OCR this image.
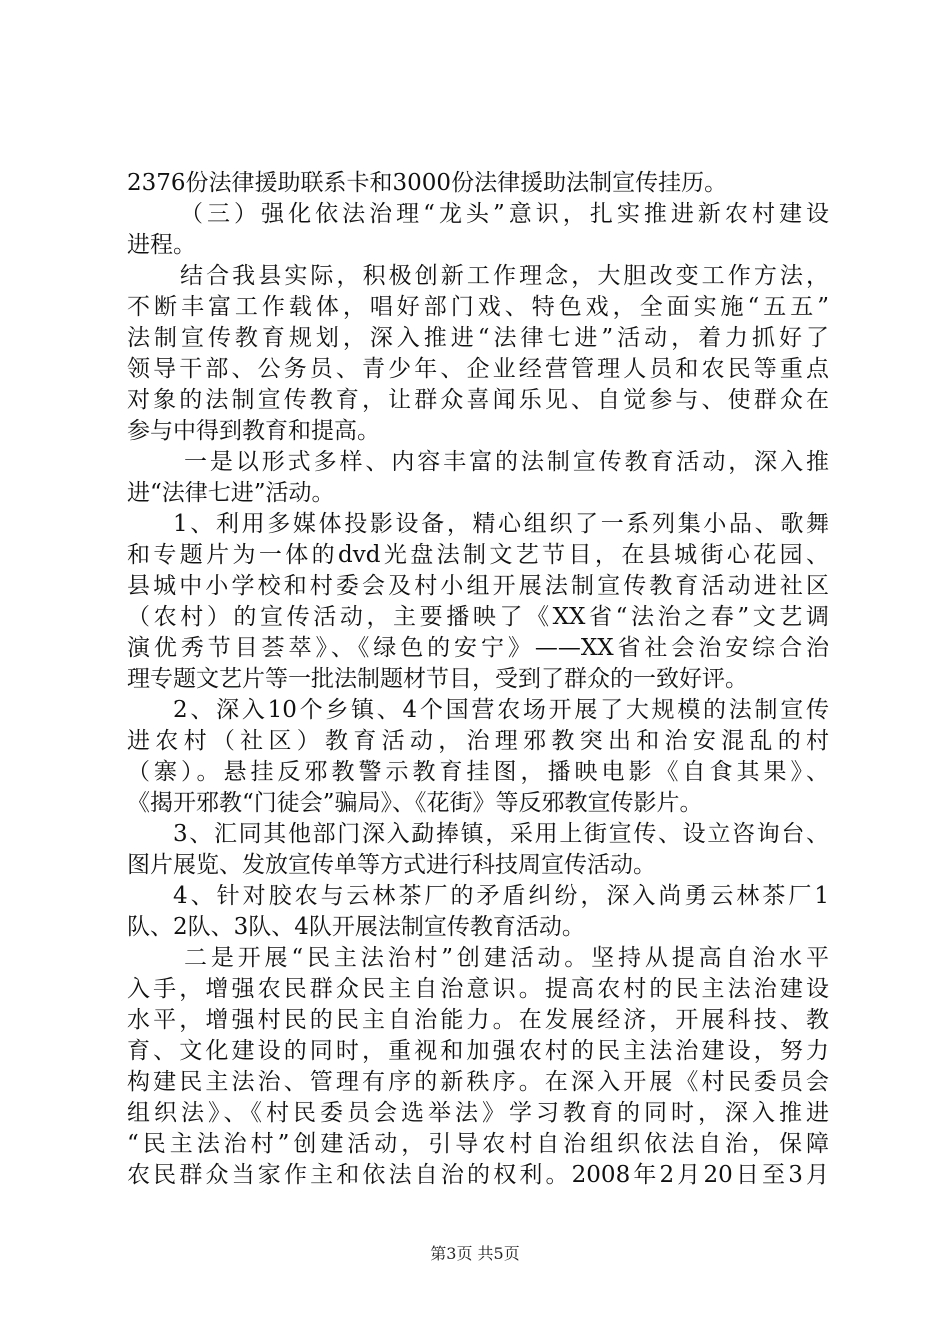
2376份法律援助联系卡和3000份法律援助法制宣传挂历。
（三）强化依法治理“龙头”意识，扎实推进新农村建设
进程。
结合我县实际，积极创新工作理念，大胆改变工作方法，
不断丰富工作载体，唱好部门戏、特色戏，全面实施“五五”
法制宣传教育规划，深入推进“法律七进”活动，着力抓好了
领导干部、公务员、青少年、企业经营管理人员和农民等重点
对象的法制宣传教育，让群众喜闻乐见、自觉参与、使群众在
参与中得到教育和提高。
一是以形式多样、内容丰富的法制宣传教育活动，深入推
进“法律七进”活动。
1、利用多媒体投影设备，精心组织了一系列集小品、歌舞
和专题片为一体的dvd光盘法制文艺节目，在县城街心花园、
县城中小学校和村委会及村小组开展法制宣传教育活动进社区
（农村）的宣传活动，主要播映了《XX省“法治之春”文艺调
演优秀节目荟萃》、《绿色的安宁》——XX省社会治安综合治
理专题文艺片等一批法制题材节目，受到了群众的一致好评。
2、深入10个乡镇、4个国营农场开展了大规模的法制宣传
进农村（社区）教育活动，治理邪教突出和治安混乱的村
（寨）。悬挂反邪教警示教育挂图，播映电影《自食其果》、
《揭开邪教“门徒会”骗局》、《花街》等反邪教宣传影片。
3、汇同其他部门深入勐捧镇，采用上街宣传、设立咨询台、
图片展览、发放宣传单等方式进行科技周宣传活动。
4、针对胶农与云林茶厂的矛盾纠纷，深入尚勇云林茶厂1
队、2队、3队、4队开展法制宣传教育活动。
二是开展“民主法治村”创建活动。坚持从提高自治水平
入手，增强农民群众民主自治意识。提高农村的民主法治建设
水平，增强村民的民主自治能力。在发展经济，开展科技、教
育、文化建设的同时，重视和加强农村的民主法治建设，努力
构建民主法治、管理有序的新秩序。在深入开展《村民委员会
组织法》、《村民委员会选举法》学习教育的同时，深入推进
“民主法治村”创建活动，引导农村自治组织依法自治，保障
农民群众当家作主和依法自治的权利。2008年2月20日至3月
第3页 共5页
